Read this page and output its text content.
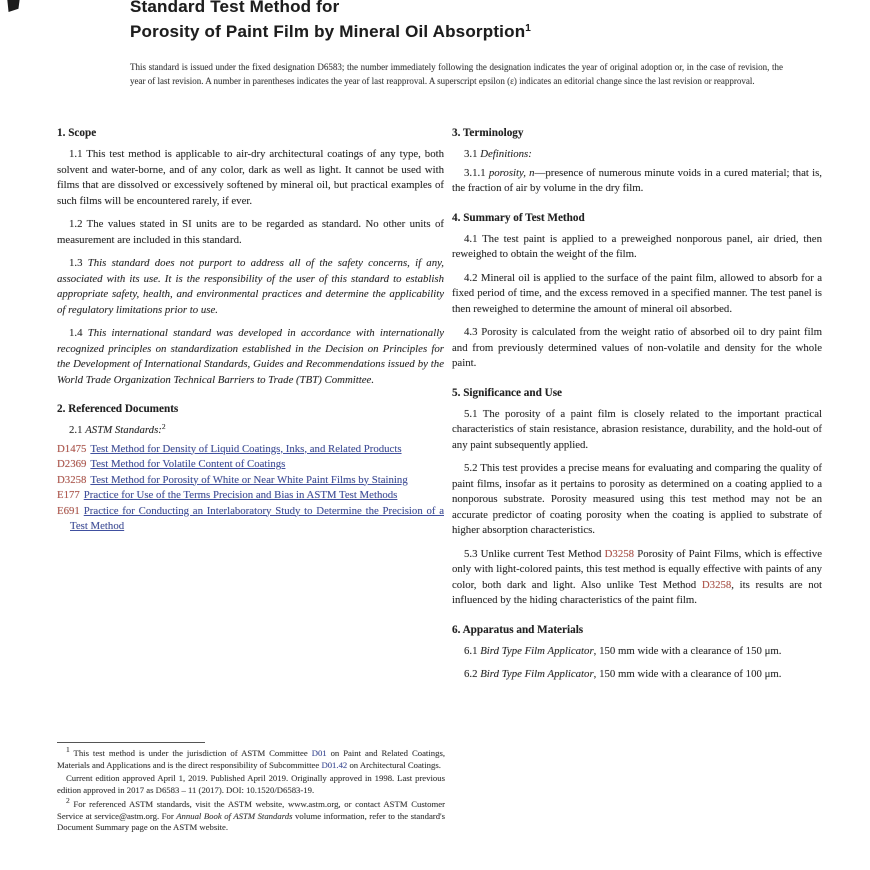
Standard Test Method for
Porosity of Paint Film by Mineral Oil Absorption$^1$

This standard is issued under the fixed designation D6583; the number immediately following the designation indicates the year of original adoption or, in the case of revision, the year of last revision. A number in parentheses indicates the year of last reapproval. A superscript epsilon (ε) indicates an editorial change since the last revision or reapproval.

1. Scope

1.1 This test method is applicable to air-dry architectural coatings of any type, both solvent and water-borne, and of any color, dark as well as light. It cannot be used with films that are dissolved or excessively softened by mineral oil, but practical examples of such films will be encountered rarely, if ever.

1.2 The values stated in SI units are to be regarded as standard. No other units of measurement are included in this standard.

1.3 This standard does not purport to address all of the safety concerns, if any, associated with its use. It is the responsibility of the user of this standard to establish appropriate safety, health, and environmental practices and determine the applicability of regulatory limitations prior to use.

1.4 This international standard was developed in accordance with internationally recognized principles on standardization established in the Decision on Principles for the Development of International Standards, Guides and Recommendations issued by the World Trade Organization Technical Barriers to Trade (TBT) Committee.

2. Referenced Documents

2.1 ASTM Standards:$^2$

D1475 Test Method for Density of Liquid Coatings, Inks, and Related Products
D2369 Test Method for Volatile Content of Coatings
D3258 Test Method for Porosity of White or Near White Paint Films by Staining
E177 Practice for Use of the Terms Precision and Bias in ASTM Test Methods
E691 Practice for Conducting an Interlaboratory Study to Determine the Precision of a Test Method
3. Terminology

3.1 Definitions:

3.1.1 porosity, n—presence of numerous minute voids in a cured material; that is, the fraction of air by volume in the dry film.

4. Summary of Test Method

4.1 The test paint is applied to a preweighed nonporous panel, air dried, then reweighed to obtain the weight of the film.

4.2 Mineral oil is applied to the surface of the paint film, allowed to absorb for a fixed period of time, and the excess removed in a specified manner. The test panel is then reweighed to determine the amount of mineral oil absorbed.

4.3 Porosity is calculated from the weight ratio of absorbed oil to dry paint film and from previously determined values of non-volatile and density for the whole paint.

5. Significance and Use

5.1 The porosity of a paint film is closely related to the important practical characteristics of stain resistance, abrasion resistance, durability, and the hold-out of any paint subsequently applied.

5.2 This test provides a precise means for evaluating and comparing the quality of paint films, insofar as it pertains to porosity as determined on a coating applied to a nonporous substrate. Porosity measured using this test method may not be an accurate predictor of coating porosity when the coating is applied to substrate of higher absorption characteristics.

5.3 Unlike current Test Method D3258 Porosity of Paint Films, which is effective only with light-colored paints, this test method is equally effective with paints of any color, both dark and light. Also unlike Test Method D3258, its results are not influenced by the hiding characteristics of the paint film.

6. Apparatus and Materials

6.1 Bird Type Film Applicator, 150 mm wide with a clearance of 150 μm.

6.2 Bird Type Film Applicator, 150 mm wide with a clearance of 100 μm.

$^1$ This test method is under the jurisdiction of ASTM Committee D01 on Paint and Related Coatings, Materials and Applications and is the direct responsibility of Subcommittee D01.42 on Architectural Coatings.

Current edition approved April 1, 2019. Published April 2019. Originally approved in 1998. Last previous edition approved in 2017 as D6583 – 11 (2017). DOI: 10.1520/D6583-19.

$^2$ For referenced ASTM standards, visit the ASTM website, www.astm.org, or contact ASTM Customer Service at service@astm.org. For Annual Book of ASTM Standards volume information, refer to the standard's Document Summary page on the ASTM website.
